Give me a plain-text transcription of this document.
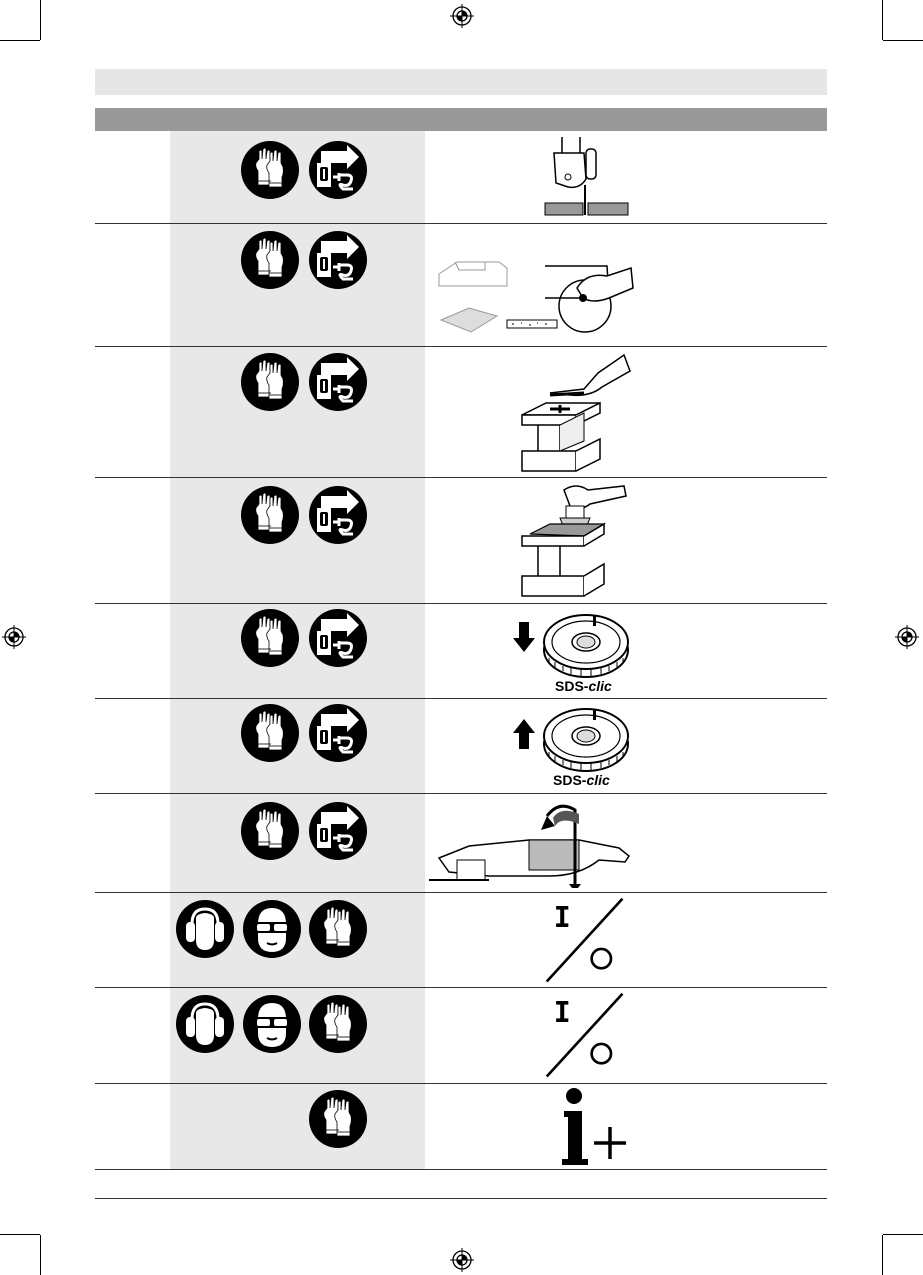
SDS-clic
SDS-clic
